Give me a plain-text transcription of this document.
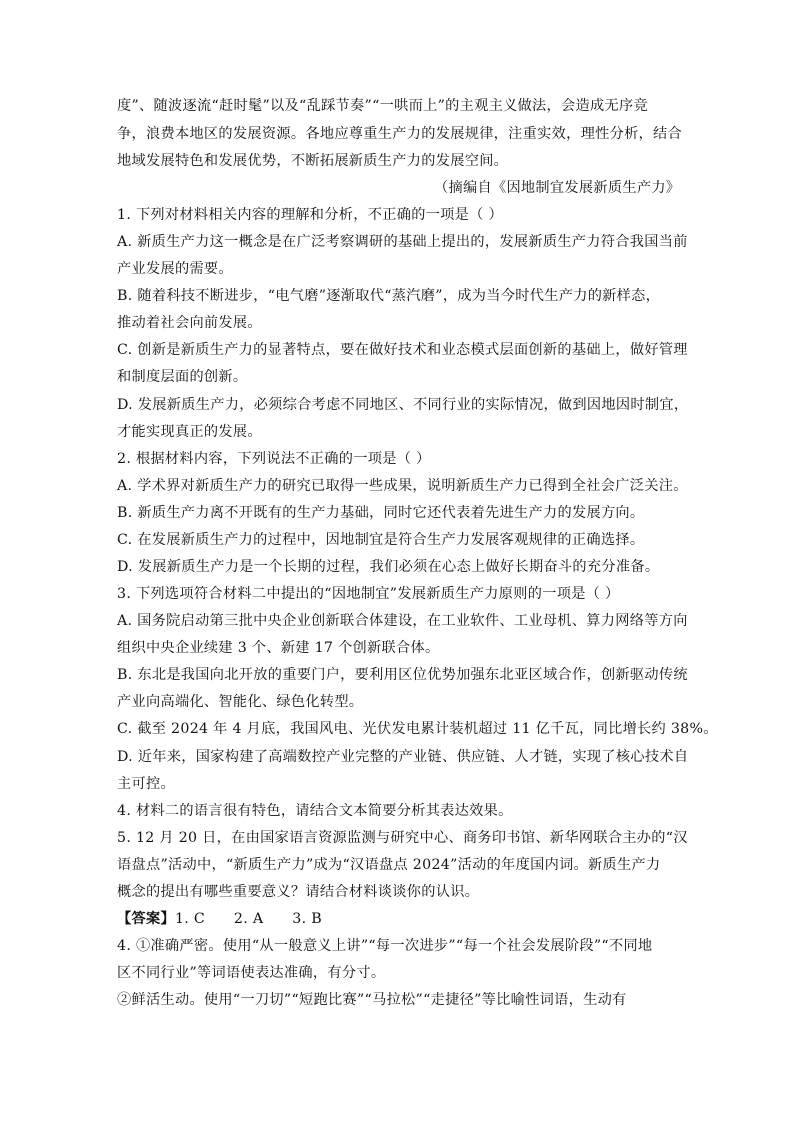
度”、随波逐流“赶时髦”以及“乱踩节奏”“一哄而上”的主观主义做法，会造成无序竞
争，浪费本地区的发展资源。各地应尊重生产力的发展规律，注重实效，理性分析，结合
地域发展特色和发展优势，不断拓展新质生产力的发展空间。
（摘编自《因地制宜发展新质生产力》
1. 下列对材料相关内容的理解和分析，不正确的一项是（ ）
A. 新质生产力这一概念是在广泛考察调研的基础上提出的，发展新质生产力符合我国当前
产业发展的需要。
B. 随着科技不断进步，“电气磨”逐渐取代“蒸汽磨”，成为当今时代生产力的新样态，
推动着社会向前发展。
C. 创新是新质生产力的显著特点，要在做好技术和业态模式层面创新的基础上，做好管理
和制度层面的创新。
D. 发展新质生产力，必须综合考虑不同地区、不同行业的实际情况，做到因地因时制宜，
才能实现真正的发展。
2. 根据材料内容，下列说法不正确的一项是（ ）
A. 学术界对新质生产力的研究已取得一些成果，说明新质生产力已得到全社会广泛关注。
B. 新质生产力离不开既有的生产力基础，同时它还代表着先进生产力的发展方向。
C. 在发展新质生产力的过程中，因地制宜是符合生产力发展客观规律的正确选择。
D. 发展新质生产力是一个长期的过程，我们必须在心态上做好长期奋斗的充分准备。
3. 下列选项符合材料二中提出的“因地制宜”发展新质生产力原则的一项是（ ）
A. 国务院启动第三批中央企业创新联合体建设，在工业软件、工业母机、算力网络等方向
组织中央企业续建 3 个、新建 17 个创新联合体。
B. 东北是我国向北开放的重要门户，要利用区位优势加强东北亚区域合作，创新驱动传统
产业向高端化、智能化、绿色化转型。
C. 截至 2024 年 4 月底，我国风电、光伏发电累计装机超过 11 亿千瓦，同比增长约 38%。
D. 近年来，国家构建了高端数控产业完整的产业链、供应链、人才链，实现了核心技术自
主可控。
4. 材料二的语言很有特色，请结合文本简要分析其表达效果。
5. 12 月 20 日，在由国家语言资源监测与研究中心、商务印书馆、新华网联合主办的“汉
语盘点”活动中，“新质生产力”成为“汉语盘点 2024”活动的年度国内词。新质生产力
概念的提出有哪些重要意义？请结合材料谈谈你的认识。
【答案】1. C      2. A      3. B
4. ①准确严密。使用“从一般意义上讲”“每一次进步”“每一个社会发展阶段”“不同地
区不同行业”等词语使表达准确，有分寸。
②鲜活生动。使用“一刀切”“短跑比赛”“马拉松”“走捷径”等比喻性词语，生动有
